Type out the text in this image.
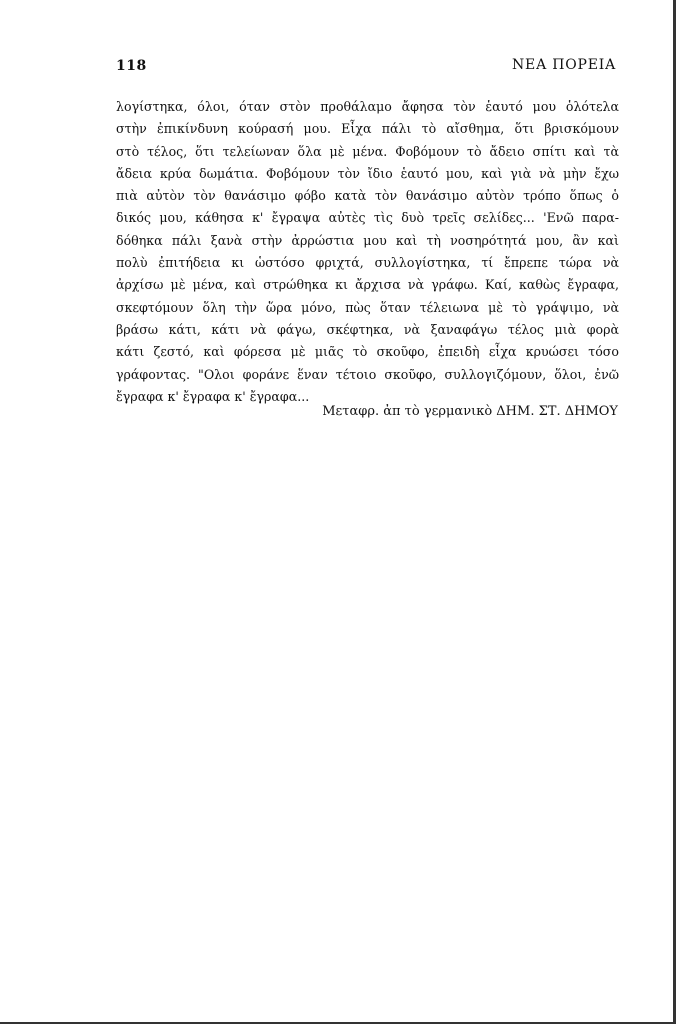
118	ΝΕΑ ΠΟΡΕΙΑ
λογίστηκα, όλοι, όταν στὸν προθάλαμο ἄφησα τὸν ἑαυτό μου ὁλότελα
στὴν ἐπικίνδυνη κούρασή μου. Εἶχα πάλι τὸ αἴσθημα, ὅτι βρισκόμουν
στὸ τέλος, ὅτι τελείωναν ὅλα μὲ μένα. Φοβόμουν τὸ ἄδειο σπίτι καὶ τὰ
ἄδεια κρύα δωμάτια. Φοβόμουν τὸν ἴδιο ἑαυτό μου, καὶ γιὰ νὰ μὴν ἔχω
πιὰ αὐτὸν τὸν θανάσιμο φόβο κατὰ τὸν θανάσιμο αὐτὸν τρόπο ὅπως ὁ
δικός μου, κάθησα κ' ἔγραψα αὐτὲς τὶς δυὸ τρεῖς σελίδες... 'Ενῶ παρα-
δόθηκα πάλι ξανὰ στὴν ἀρρώστια μου καὶ τὴ νοσηρότητά μου, ἂν καὶ
πολὺ ἐπιτήδεια κι ὡστόσο φριχτά, συλλογίστηκα, τί ἔπρεπε τώρα νὰ
ἀρχίσω μὲ μένα, καὶ στρώθηκα κι ἄρχισα νὰ γράφω. Καί, καθὼς ἔγραφα,
σκεφτόμουν ὅλη τὴν ὥρα μόνο, πὼς ὅταν τέλειωνα μὲ τὸ γράψιμο, νὰ
βράσω κάτι, κάτι νὰ φάγω, σκέφτηκα, νὰ ξαναφάγω τέλος μιὰ φορὰ
κάτι ζεστό, καὶ φόρεσα μὲ μιᾶς τὸ σκοῦφο, ἐπειδὴ εἶχα κρυώσει τόσο
γράφοντας. "Ολοι φοράνε ἕναν τέτοιο σκοῦφο, συλλογιζόμουν, ὅλοι, ἐνῶ
ἔγραφα κ' ἔγραφα κ' ἔγραφα...
Μεταφρ. ἀπ τὸ γερμανικὸ ΔΗΜ. ΣΤ. ΔΗΜΟΥ
